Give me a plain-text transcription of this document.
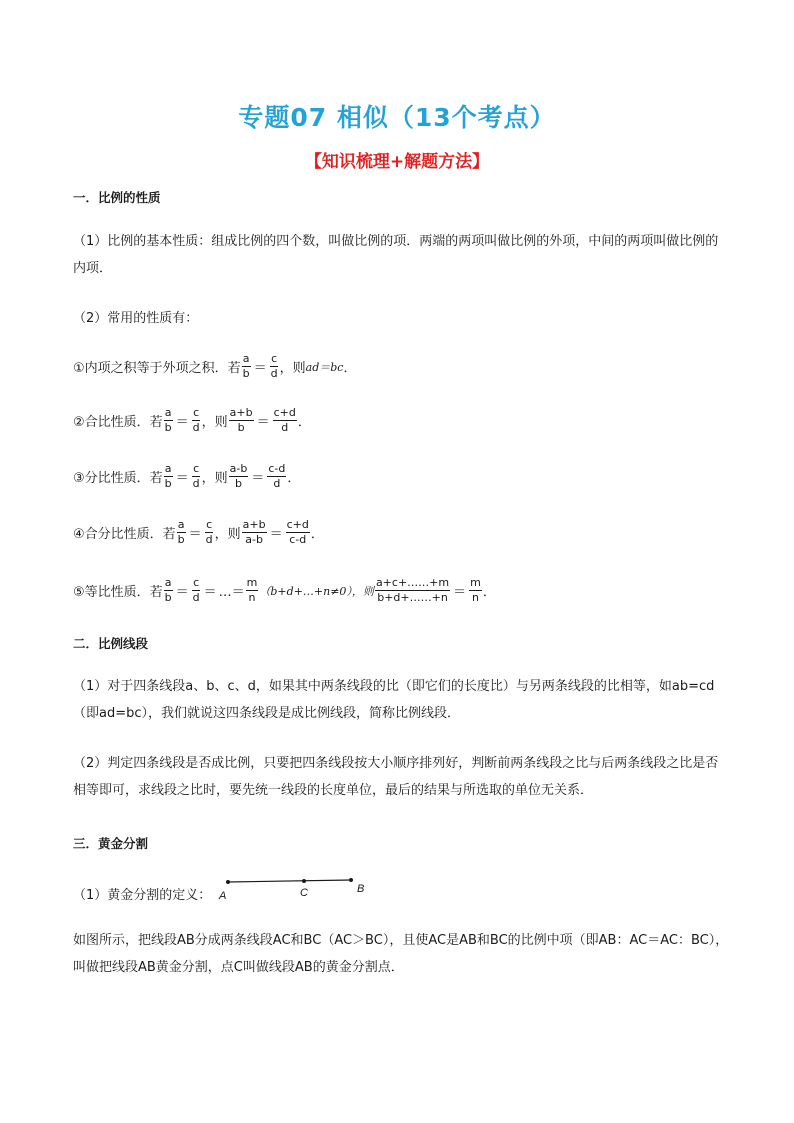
专题07 相似（13个考点）
【知识梳理+解题方法】
一．比例的性质
（1）比例的基本性质：组成比例的四个数，叫做比例的项．两端的两项叫做比例的外项，中间的两项叫做比例的内项．
（2）常用的性质有：
①内项之积等于外项之积．若 $\frac{a}{b} = \frac{c}{d}$ ，则 ad＝bc ．
②合比性质．若 $\frac{a}{b} = \frac{c}{d}$ ，则 $\frac{a+b}{b} = \frac{c+d}{d}$ ．
③分比性质．若 $\frac{a}{b} = \frac{c}{d}$ ，则 $\frac{a-b}{b} = \frac{c-d}{d}$ ．
④合分比性质．若 $\frac{a}{b} = \frac{c}{d}$ ，则 $\frac{a+b}{a-b} = \frac{c+d}{c-d}$ ．
⑤等比性质．若 $\frac{a}{b} = \frac{c}{d}$ ＝ …＝ $\frac{m}{n}$ （b+d+…+n≠0），则 $\frac{a+c+\dots\dots+m}{b+d+\dots\dots+n} = \frac{m}{n}$ ．
二．比例线段
（1）对于四条线段a、b、c、d，如果其中两条线段的比（即它们的长度比）与另两条线段的比相等，如ab=cd（即ad=bc），我们就说这四条线段是成比例线段，简称比例线段．
（2）判定四条线段是否成比例，只要把四条线段按大小顺序排列好，判断前两条线段之比与后两条线段之比是否相等即可，求线段之比时，要先统一线段的长度单位，最后的结果与所选取的单位无关系．
三．黄金分割
（1）黄金分割的定义： A	C	B
如图所示，把线段AB分成两条线段AC和BC（AC＞BC），且使AC是AB和BC的比例中项（即AB：AC＝AC：BC），叫做把线段AB黄金分割，点C叫做线段AB的黄金分割点．
